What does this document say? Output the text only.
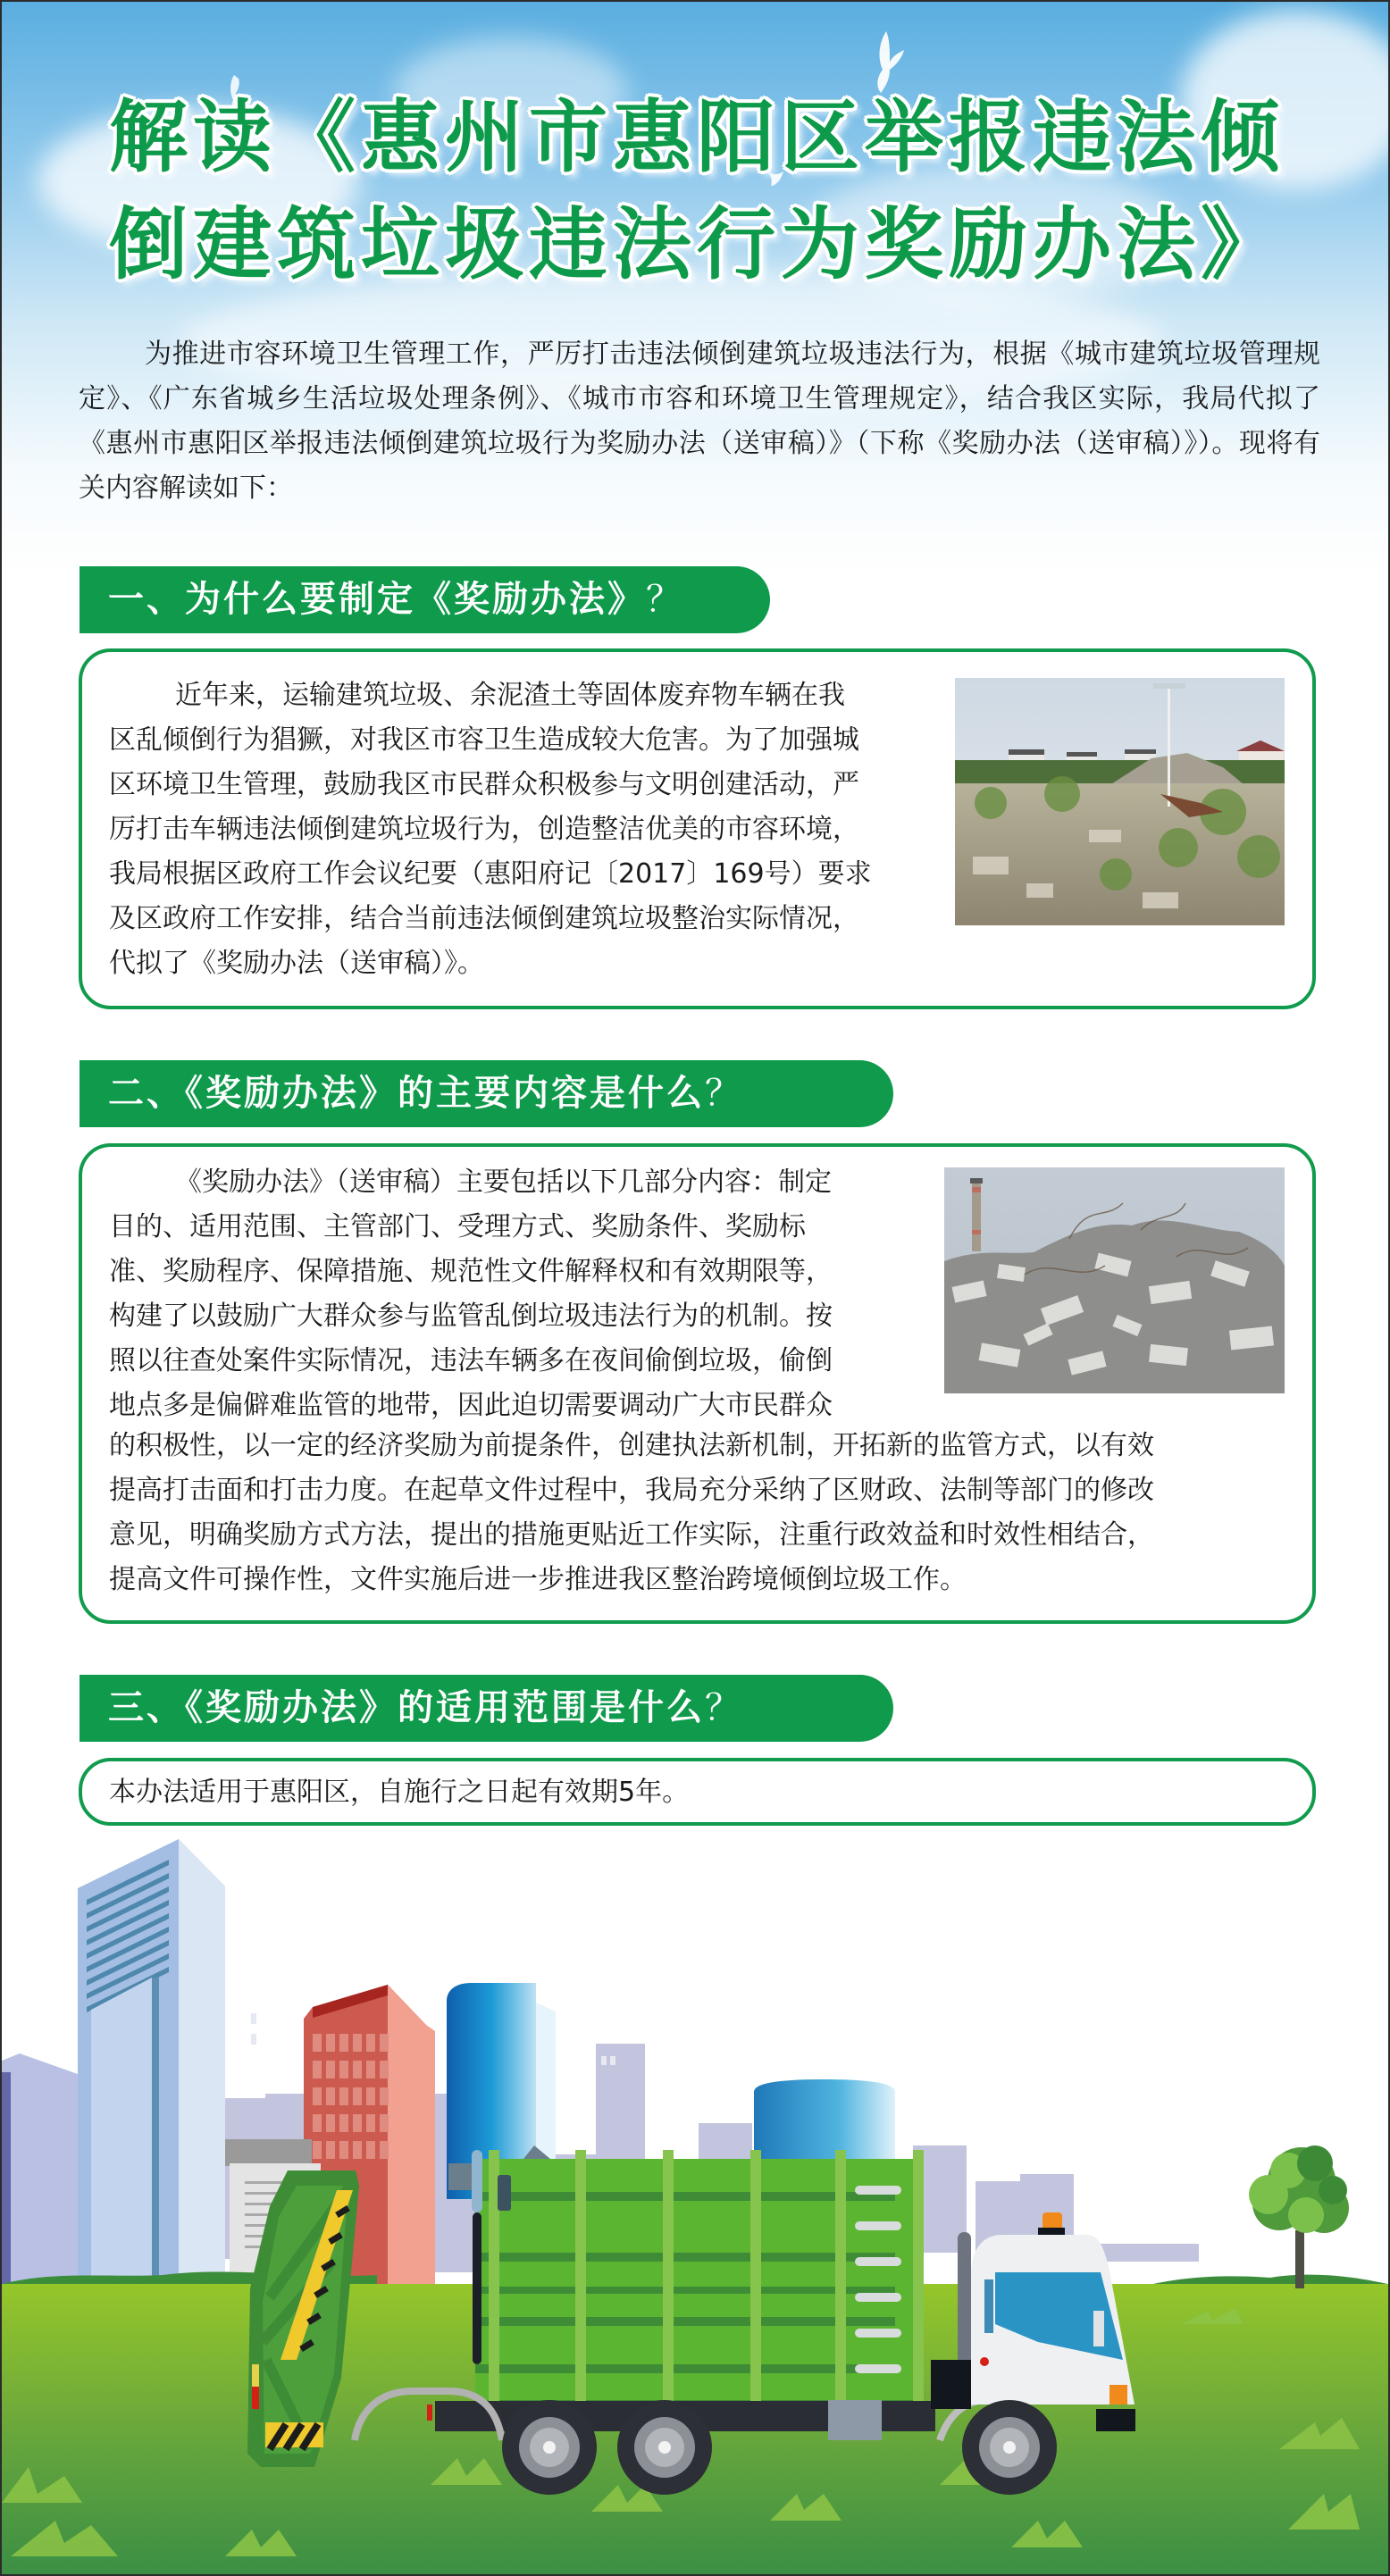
解读《惠州市惠阳区举报违法倾
倒建筑垃圾违法行为奖励办法》

为推进市容环境卫生管理工作，严厉打击违法倾倒建筑垃圾违法行为，根据《城市建筑垃圾管理规定》、《广东省城乡生活垃圾处理条例》、《城市市容和环境卫生管理规定》，结合我区实际，我局代拟了《惠州市惠阳区举报违法倾倒建筑垃圾行为奖励办法（送审稿）》（下称《奖励办法（送审稿）》）。现将有关内容解读如下：

一、为什么要制定《奖励办法》？
近年来，运输建筑垃圾、余泥渣土等固体废弃物车辆在我
区乱倾倒行为猖獗，对我区市容卫生造成较大危害。为了加强城
区环境卫生管理，鼓励我区市民群众积极参与文明创建活动，严
厉打击车辆违法倾倒建筑垃圾行为，创造整洁优美的市容环境，
我局根据区政府工作会议纪要（惠阳府记〔2017〕169号）要求
及区政府工作安排，结合当前违法倾倒建筑垃圾整治实际情况，
代拟了《奖励办法（送审稿）》。
二、《奖励办法》的主要内容是什么？
《奖励办法》（送审稿）主要包括以下几部分内容：制定
目的、适用范围、主管部门、受理方式、奖励条件、奖励标
准、奖励程序、保障措施、规范性文件解释权和有效期限等，
构建了以鼓励广大群众参与监管乱倒垃圾违法行为的机制。按
照以往查处案件实际情况，违法车辆多在夜间偷倒垃圾，偷倒
地点多是偏僻难监管的地带，因此迫切需要调动广大市民群众
的积极性，以一定的经济奖励为前提条件，创建执法新机制，开拓新的监管方式，以有效
提高打击面和打击力度。在起草文件过程中，我局充分采纳了区财政、法制等部门的修改
意见，明确奖励方式方法，提出的措施更贴近工作实际，注重行政效益和时效性相结合，
提高文件可操作性，文件实施后进一步推进我区整治跨境倾倒垃圾工作。
三、《奖励办法》的适用范围是什么？
本办法适用于惠阳区，自施行之日起有效期5年。
